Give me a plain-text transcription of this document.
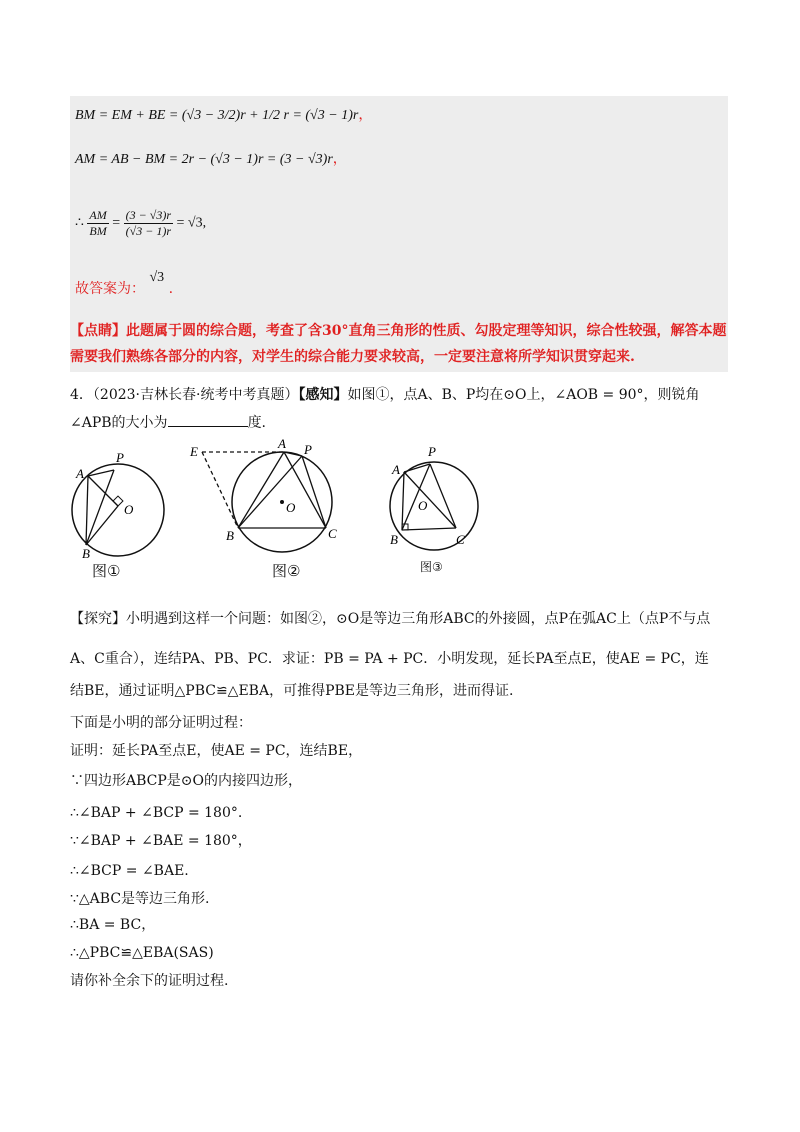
BM = EM + BE = (√3 − 3/2)r + 1/2 r = (√3 − 1)r，
AM = AB − BM = 2r − (√3 − 1)r = (3 − √3)r，
∴ $\frac{AM}{BM} = \frac{(3 - √3)r}{(√3 - 1)r} = √3$,
故答案为： √3 .
【点睛】此题属于圆的综合题，考查了含30°直角三角形的性质、勾股定理等知识，综合性较强，解答本题需要我们熟练各部分的内容，对学生的综合能力要求较高，一定要注意将所学知识贯穿起来.
4．（2023·吉林长春·统考中考真题）【感知】如图①，点A、B、P均在⊙O上，∠AOB = 90°，则锐角
∠APB的大小为	度.
A
P
O
B
图①
E
A P
O
B	C
图②
A
P
O
B	C
图③
【探究】小明遇到这样一个问题：如图②，⊙O是等边三角形ABC的外接圆，点P在弧AC上（点P不与点
A、C重合），连结PA、PB、PC．求证：PB = PA + PC．小明发现，延长PA至点E，使AE = PC，连
结BE，通过证明△PBC≌△EBA，可推得PBE是等边三角形，进而得证.
下面是小明的部分证明过程：
证明：延长PA至点E，使AE = PC，连结BE，
∵四边形ABCP是⊙O的内接四边形，
∴∠BAP + ∠BCP = 180°.
∵∠BAP + ∠BAE = 180°，
∴∠BCP = ∠BAE.
∵△ABC是等边三角形.
∴BA = BC，
∴△PBC≌△EBA(SAS)
请你补全余下的证明过程.
